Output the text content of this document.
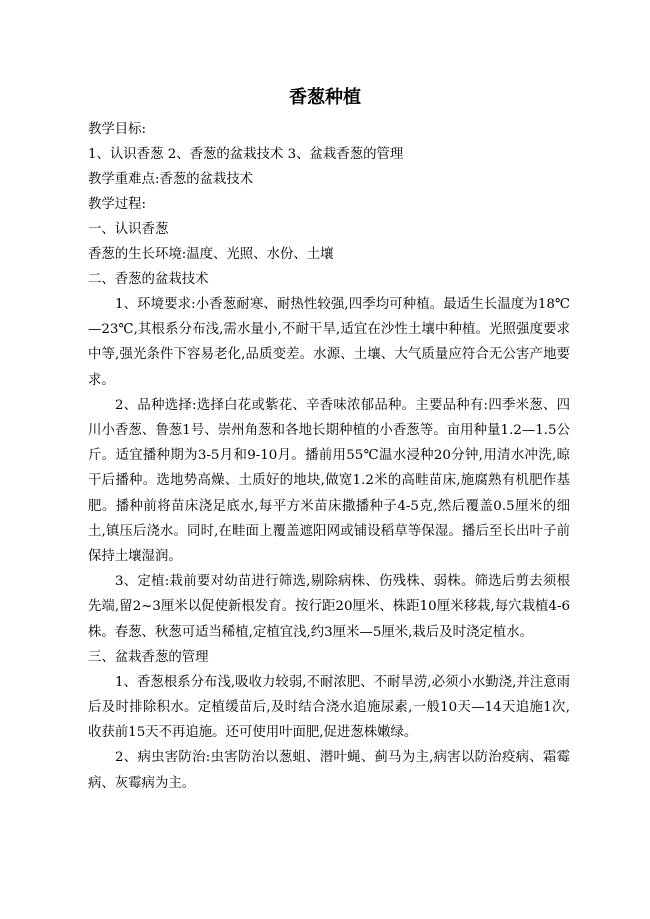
香葱种植

教学目标:

1、认识香葱 2、香葱的盆栽技术 3、盆栽香葱的管理

教学重难点:香葱的盆栽技术

教学过程:

一、认识香葱

香葱的生长环境:温度、光照、水份、土壤

二、香葱的盆栽技术

1、环境要求:小香葱耐寒、耐热性较强,四季均可种植。最适生长温度为18℃—23℃,其根系分布浅,需水量小,不耐干旱,适宜在沙性土壤中种植。光照强度要求中等,强光条件下容易老化,品质变差。水源、土壤、大气质量应符合无公害产地要求。

2、品种选择:选择白花或紫花、辛香味浓郁品种。主要品种有:四季米葱、四川小香葱、鲁葱1号、崇州角葱和各地长期种植的小香葱等。亩用种量1.2—1.5公斤。适宜播种期为3-5月和9-10月。播前用55℃温水浸种20分钟,用清水冲洗,晾干后播种。选地势高燥、土质好的地块,做宽1.2米的高畦苗床,施腐熟有机肥作基肥。播种前将苗床浇足底水,每平方米苗床撒播种子4-5克,然后覆盖0.5厘米的细土,镇压后浇水。同时,在畦面上覆盖遮阳网或铺设稻草等保湿。播后至长出叶子前保持土壤湿润。

3、定植:栽前要对幼苗进行筛选,剔除病株、伤残株、弱株。筛选后剪去须根先端,留2~3厘米以促使新根发育。按行距20厘米、株距10厘米移栽,每穴栽植4-6株。春葱、秋葱可适当稀植,定植宜浅,约3厘米—5厘米,栽后及时浇定植水。

三、盆栽香葱的管理

1、香葱根系分布浅,吸收力较弱,不耐浓肥、不耐旱涝,必须小水勤浇,并注意雨后及时排除积水。定植缓苗后,及时结合浇水追施尿素,一般10天—14天追施1次,收获前15天不再追施。还可使用叶面肥,促进葱株嫩绿。

2、病虫害防治:虫害防治以葱蛆、潜叶蝇、蓟马为主,病害以防治疫病、霜霉病、灰霉病为主。
